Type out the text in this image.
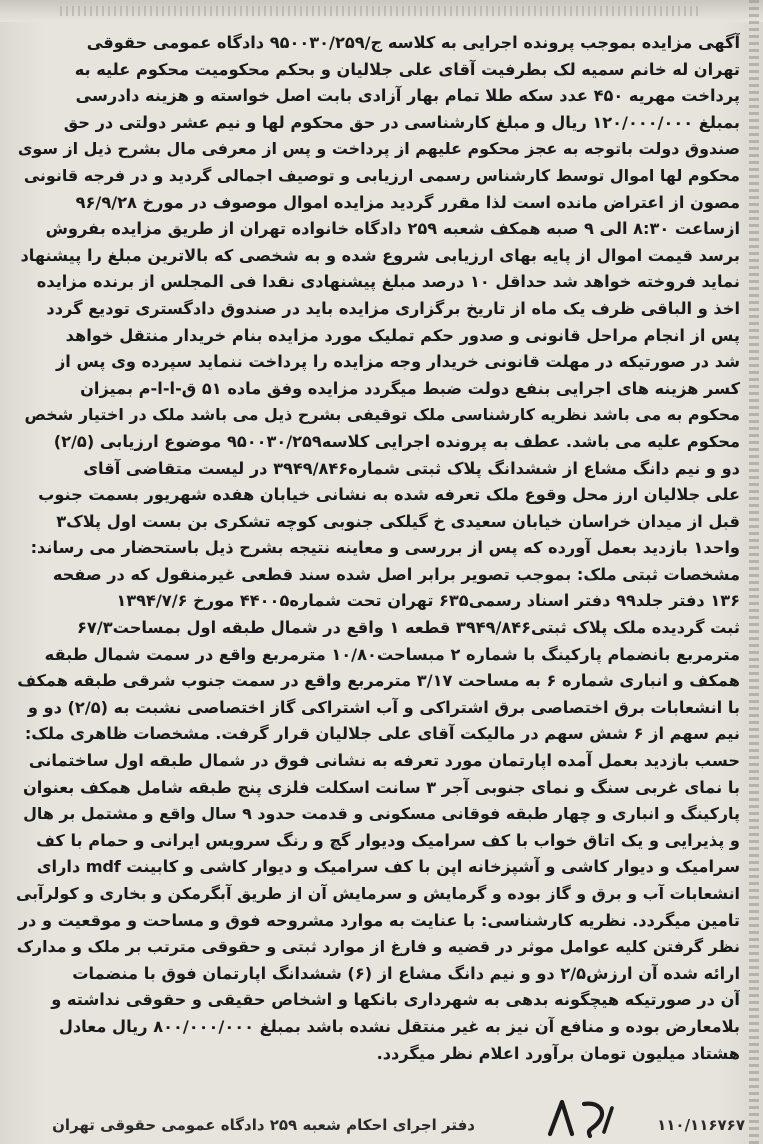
آگهی مزایده بموجب پرونده اجرایی به کلاسه ج/۹۵۰۰۳۰/۲۵۹ دادگاه عمومی حقوقی
تهران له خانم سمیه لک بطرفیت آقای علی جلالیان و بحکم محکومیت محکوم علیه به
پرداخت مهریه ۴۵۰ عدد سکه طلا تمام بهار آزادی بابت اصل خواسته و هزینه دادرسی
بمبلغ ۱۲۰/۰۰۰/۰۰۰ ریال و مبلغ کارشناسی در حق محکوم لها و نیم عشر دولتی در حق
صندوق دولت باتوجه به عجز محکوم علیهم از پرداخت و پس از معرفی مال بشرح ذیل از سوی
محکوم لها اموال توسط کارشناس رسمی ارزیابی و توصیف اجمالی گردید و در فرجه قانونی
مصون از اعتراض مانده است لذا مقرر گردید مزایده اموال موصوف در مورخ ۹۶/۹/۲۸
ازساعت ۸:۳۰ الی ۹ صبه همکف شعبه ۲۵۹ دادگاه خانواده تهران از طریق مزایده بفروش
برسد قیمت اموال از پایه بهای ارزیابی شروع شده و به شخصی که بالاترین مبلغ را پیشنهاد
نماید فروخته خواهد شد حداقل ۱۰ درصد مبلغ پیشنهادی نقدا فی المجلس از برنده مزایده
اخذ و الباقی ظرف یک ماه از تاریخ برگزاری مزایده باید در صندوق دادگستری تودیع گردد
پس از انجام مراحل قانونی و صدور حکم تملیک مورد مزایده بنام خریدار منتقل خواهد
شد در صورتیکه در مهلت قانونی خریدار وجه مزایده را پرداخت ننماید سپرده وی پس از
کسر هزینه های اجرایی بنفع دولت ضبط میگردد مزایده وفق ماده ۵۱ ق-ا-ا-م بمیزان
محکوم به می باشد نظریه کارشناسی ملک توقیفی بشرح ذیل می باشد ملک در اختیار شخص
محکوم علیه می باشد. عطف به پرونده اجرایی کلاسه۹۵۰۰۳۰/۲۵۹ موضوع ارزیابی (۲/۵)
دو و نیم دانگ مشاع از ششدانگ پلاک ثبتی شماره۳۹۴۹/۸۴۶ در لیست متقاضی آقای
علی جلالیان ارز محل وقوع ملک تعرفه شده به نشانی خیابان هفده شهریور بسمت جنوب
قبل از میدان خراسان خیابان سعیدی خ گیلکی جنوبی کوچه تشکری بن بست اول پلاک۳
واحد۱ بازدید بعمل آورده که پس از بررسی و معاینه نتیجه بشرح ذیل باستحضار می رساند:
مشخصات ثبتی ملک: بموجب تصویر برابر اصل شده سند قطعی غیرمنقول که در صفحه
۱۳۶ دفتر جلد۹۹ دفتر اسناد رسمی۶۳۵ تهران تحت شماره۴۴۰۰۵ مورخ ۱۳۹۴/۷/۶
ثبت گردیده ملک پلاک ثبتی۳۹۴۹/۸۴۶ قطعه ۱ واقع در شمال طبقه اول بمساحت۶۷/۳
مترمربع بانضمام پارکینگ با شماره ۲ مبساحت۱۰/۸۰ مترمربع واقع در سمت شمال طبقه
همکف و انباری شماره ۶ به مساحت ۳/۱۷ مترمربع واقع در سمت جنوب شرقی طبقه همکف
با انشعابات برق اختصاصی برق اشتراکی و آب اشتراکی گاز اختصاصی نشبت به (۲/۵) دو و
نیم سهم از ۶ شش سهم در مالیکت آقای علی جلالیان قرار گرفت. مشخصات ظاهری ملک:
حسب بازدید بعمل آمده اپارتمان مورد تعرفه به نشانی فوق در شمال طبقه اول ساختمانی
با نمای غربی سنگ و نمای جنوبی آجر ۳ سانت اسکلت فلزی پنج طبقه شامل همکف بعنوان
پارکینگ و انباری و چهار طبقه فوقانی مسکونی و قدمت حدود ۹ سال واقع و مشتمل بر هال
و پذیرایی و یک اتاق خواب با کف سرامیک ودیوار گچ و رنگ سرویس ایرانی و حمام با کف
سرامیک و دیوار کاشی و آشپزخانه اپن با کف سرامیک و دیوار کاشی و کابینت mdf دارای
انشعابات آب و برق و گاز بوده و گرمایش و سرمایش آن از طریق آبگرمکن و بخاری و کولرآبی
تامین میگردد. نظریه کارشناسی: با عنایت به موارد مشروحه فوق و مساحت و موقعیت و در
نظر گرفتن کلیه عوامل موثر در قضیه و فارغ از موارد ثبتی و حقوقی مترتب بر ملک و مدارک
ارائه شده آن ارزش۲/۵ دو و نیم دانگ مشاع از (۶) ششدانگ اپارتمان فوق با منضمات
آن در صورتیکه هیچگونه بدهی به شهرداری بانکها و اشخاص حقیقی و حقوقی نداشته و
بلامعارض بوده و منافع آن نیز به غیر منتقل نشده باشد بمبلغ ۸۰۰/۰۰۰/۰۰۰ ریال معادل
هشتاد میلیون تومان برآورد اعلام نظر میگردد.
دفتر اجرای احکام شعبه ۲۵۹ دادگاه عمومی حقوقی تهران	۱۱۰/۱۱۶۷۶۷
